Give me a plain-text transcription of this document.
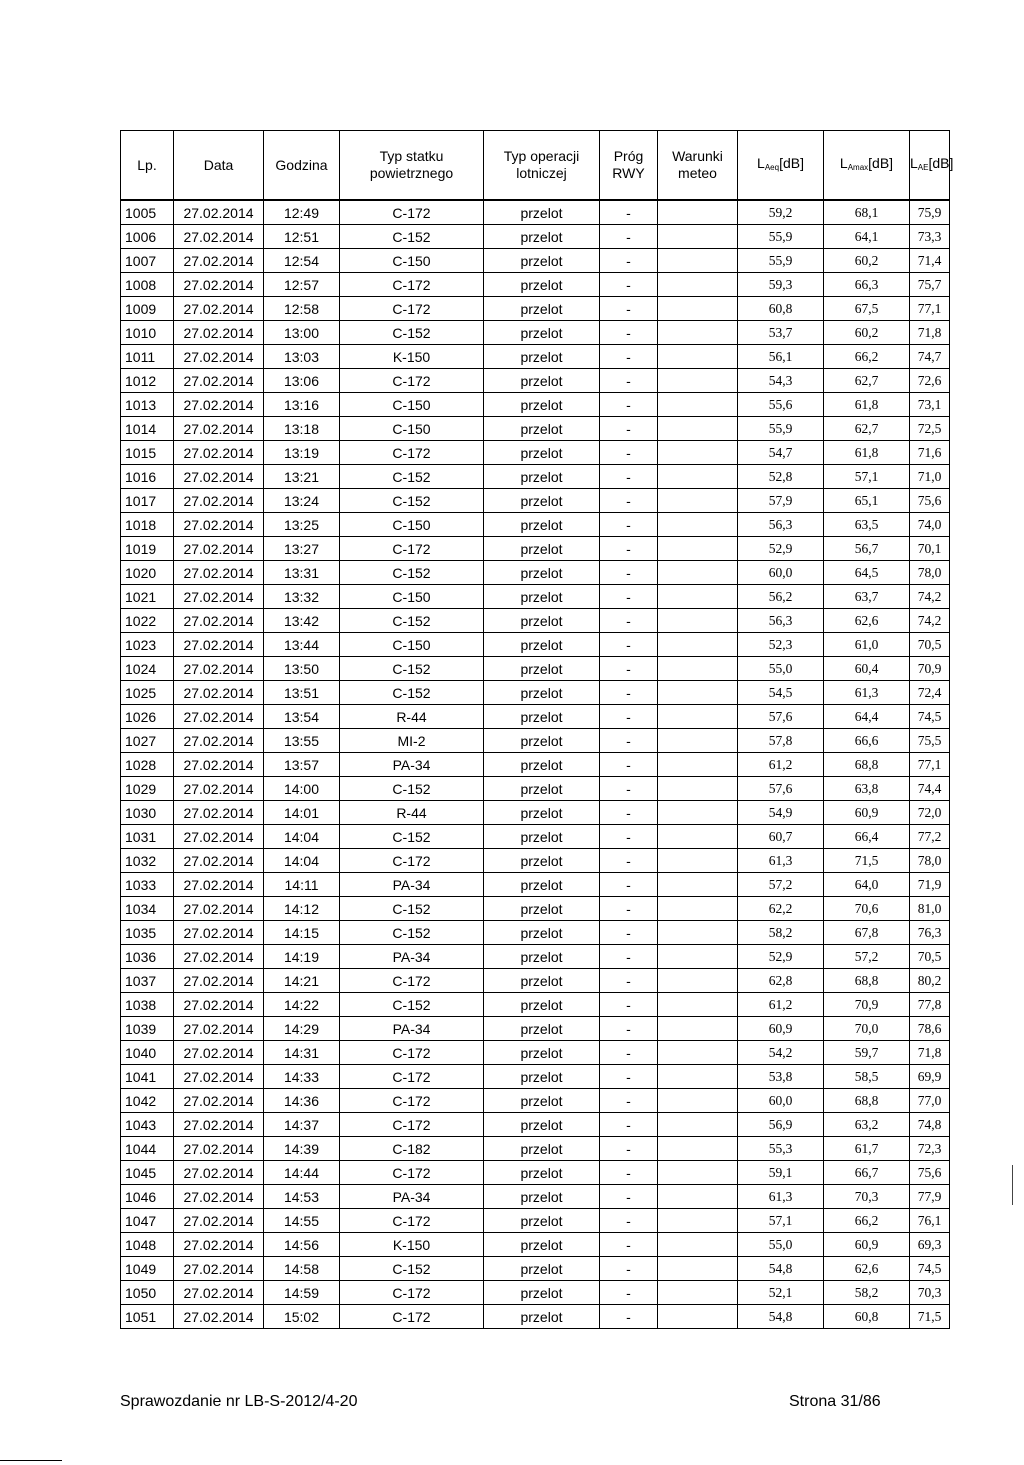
Lp.	Data	Godzina	Typ statku powietrznego	Typ operacji lotniczej	Próg RWY	Warunki meteo	$L_{Aeq}[dB]$	$L_{Amax}[dB]$	$L_{AE}[dB]$
1005	27.02.2014	12:49	C-172	przelot	-		59,2	68,1	75,9
1006	27.02.2014	12:51	C-152	przelot	-		55,9	64,1	73,3
1007	27.02.2014	12:54	C-150	przelot	-		55,9	60,2	71,4
1008	27.02.2014	12:57	C-172	przelot	-		59,3	66,3	75,7
1009	27.02.2014	12:58	C-172	przelot	-		60,8	67,5	77,1
1010	27.02.2014	13:00	C-152	przelot	-		53,7	60,2	71,8
1011	27.02.2014	13:03	K-150	przelot	-		56,1	66,2	74,7
1012	27.02.2014	13:06	C-172	przelot	-		54,3	62,7	72,6
1013	27.02.2014	13:16	C-150	przelot	-		55,6	61,8	73,1
1014	27.02.2014	13:18	C-150	przelot	-		55,9	62,7	72,5
1015	27.02.2014	13:19	C-172	przelot	-		54,7	61,8	71,6
1016	27.02.2014	13:21	C-152	przelot	-		52,8	57,1	71,0
1017	27.02.2014	13:24	C-152	przelot	-		57,9	65,1	75,6
1018	27.02.2014	13:25	C-150	przelot	-		56,3	63,5	74,0
1019	27.02.2014	13:27	C-172	przelot	-		52,9	56,7	70,1
1020	27.02.2014	13:31	C-152	przelot	-		60,0	64,5	78,0
1021	27.02.2014	13:32	C-150	przelot	-		56,2	63,7	74,2
1022	27.02.2014	13:42	C-152	przelot	-		56,3	62,6	74,2
1023	27.02.2014	13:44	C-150	przelot	-		52,3	61,0	70,5
1024	27.02.2014	13:50	C-152	przelot	-		55,0	60,4	70,9
1025	27.02.2014	13:51	C-152	przelot	-		54,5	61,3	72,4
1026	27.02.2014	13:54	R-44	przelot	-		57,6	64,4	74,5
1027	27.02.2014	13:55	MI-2	przelot	-		57,8	66,6	75,5
1028	27.02.2014	13:57	PA-34	przelot	-		61,2	68,8	77,1
1029	27.02.2014	14:00	C-152	przelot	-		57,6	63,8	74,4
1030	27.02.2014	14:01	R-44	przelot	-		54,9	60,9	72,0
1031	27.02.2014	14:04	C-152	przelot	-		60,7	66,4	77,2
1032	27.02.2014	14:04	C-172	przelot	-		61,3	71,5	78,0
1033	27.02.2014	14:11	PA-34	przelot	-		57,2	64,0	71,9
1034	27.02.2014	14:12	C-152	przelot	-		62,2	70,6	81,0
1035	27.02.2014	14:15	C-152	przelot	-		58,2	67,8	76,3
1036	27.02.2014	14:19	PA-34	przelot	-		52,9	57,2	70,5
1037	27.02.2014	14:21	C-172	przelot	-		62,8	68,8	80,2
1038	27.02.2014	14:22	C-152	przelot	-		61,2	70,9	77,8
1039	27.02.2014	14:29	PA-34	przelot	-		60,9	70,0	78,6
1040	27.02.2014	14:31	C-172	przelot	-		54,2	59,7	71,8
1041	27.02.2014	14:33	C-172	przelot	-		53,8	58,5	69,9
1042	27.02.2014	14:36	C-172	przelot	-		60,0	68,8	77,0
1043	27.02.2014	14:37	C-172	przelot	-		56,9	63,2	74,8
1044	27.02.2014	14:39	C-182	przelot	-		55,3	61,7	72,3
1045	27.02.2014	14:44	C-172	przelot	-		59,1	66,7	75,6
1046	27.02.2014	14:53	PA-34	przelot	-		61,3	70,3	77,9
1047	27.02.2014	14:55	C-172	przelot	-		57,1	66,2	76,1
1048	27.02.2014	14:56	K-150	przelot	-		55,0	60,9	69,3
1049	27.02.2014	14:58	C-152	przelot	-		54,8	62,6	74,5
1050	27.02.2014	14:59	C-172	przelot	-		52,1	58,2	70,3
1051	27.02.2014	15:02	C-172	przelot	-		54,8	60,8	71,5
Sprawozdanie nr LB-S-2012/4-20	Strona 31/86
